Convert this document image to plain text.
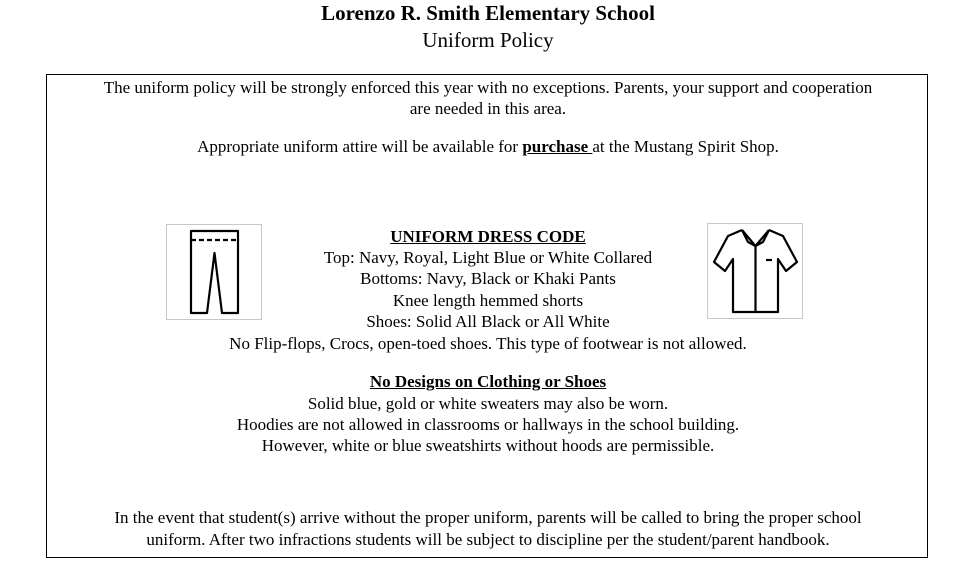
Lorenzo R. Smith Elementary School
Uniform Policy
The uniform policy will be strongly enforced this year with no exceptions. Parents, your support and cooperation
are needed in this area.
Appropriate uniform attire will be available for purchase at the Mustang Spirit Shop.
UNIFORM DRESS CODE
Top: Navy, Royal, Light Blue or White Collared
Bottoms: Navy, Black or Khaki Pants
Knee length hemmed shorts
Shoes: Solid All Black or All White
No Flip-flops, Crocs, open-toed shoes. This type of footwear is not allowed.
No Designs on Clothing or Shoes
Solid blue, gold or white sweaters may also be worn.
Hoodies are not allowed in classrooms or hallways in the school building.
However, white or blue sweatshirts without hoods are permissible.
In the event that student(s) arrive without the proper uniform, parents will be called to bring the proper school
uniform. After two infractions students will be subject to discipline per the student/parent handbook.
